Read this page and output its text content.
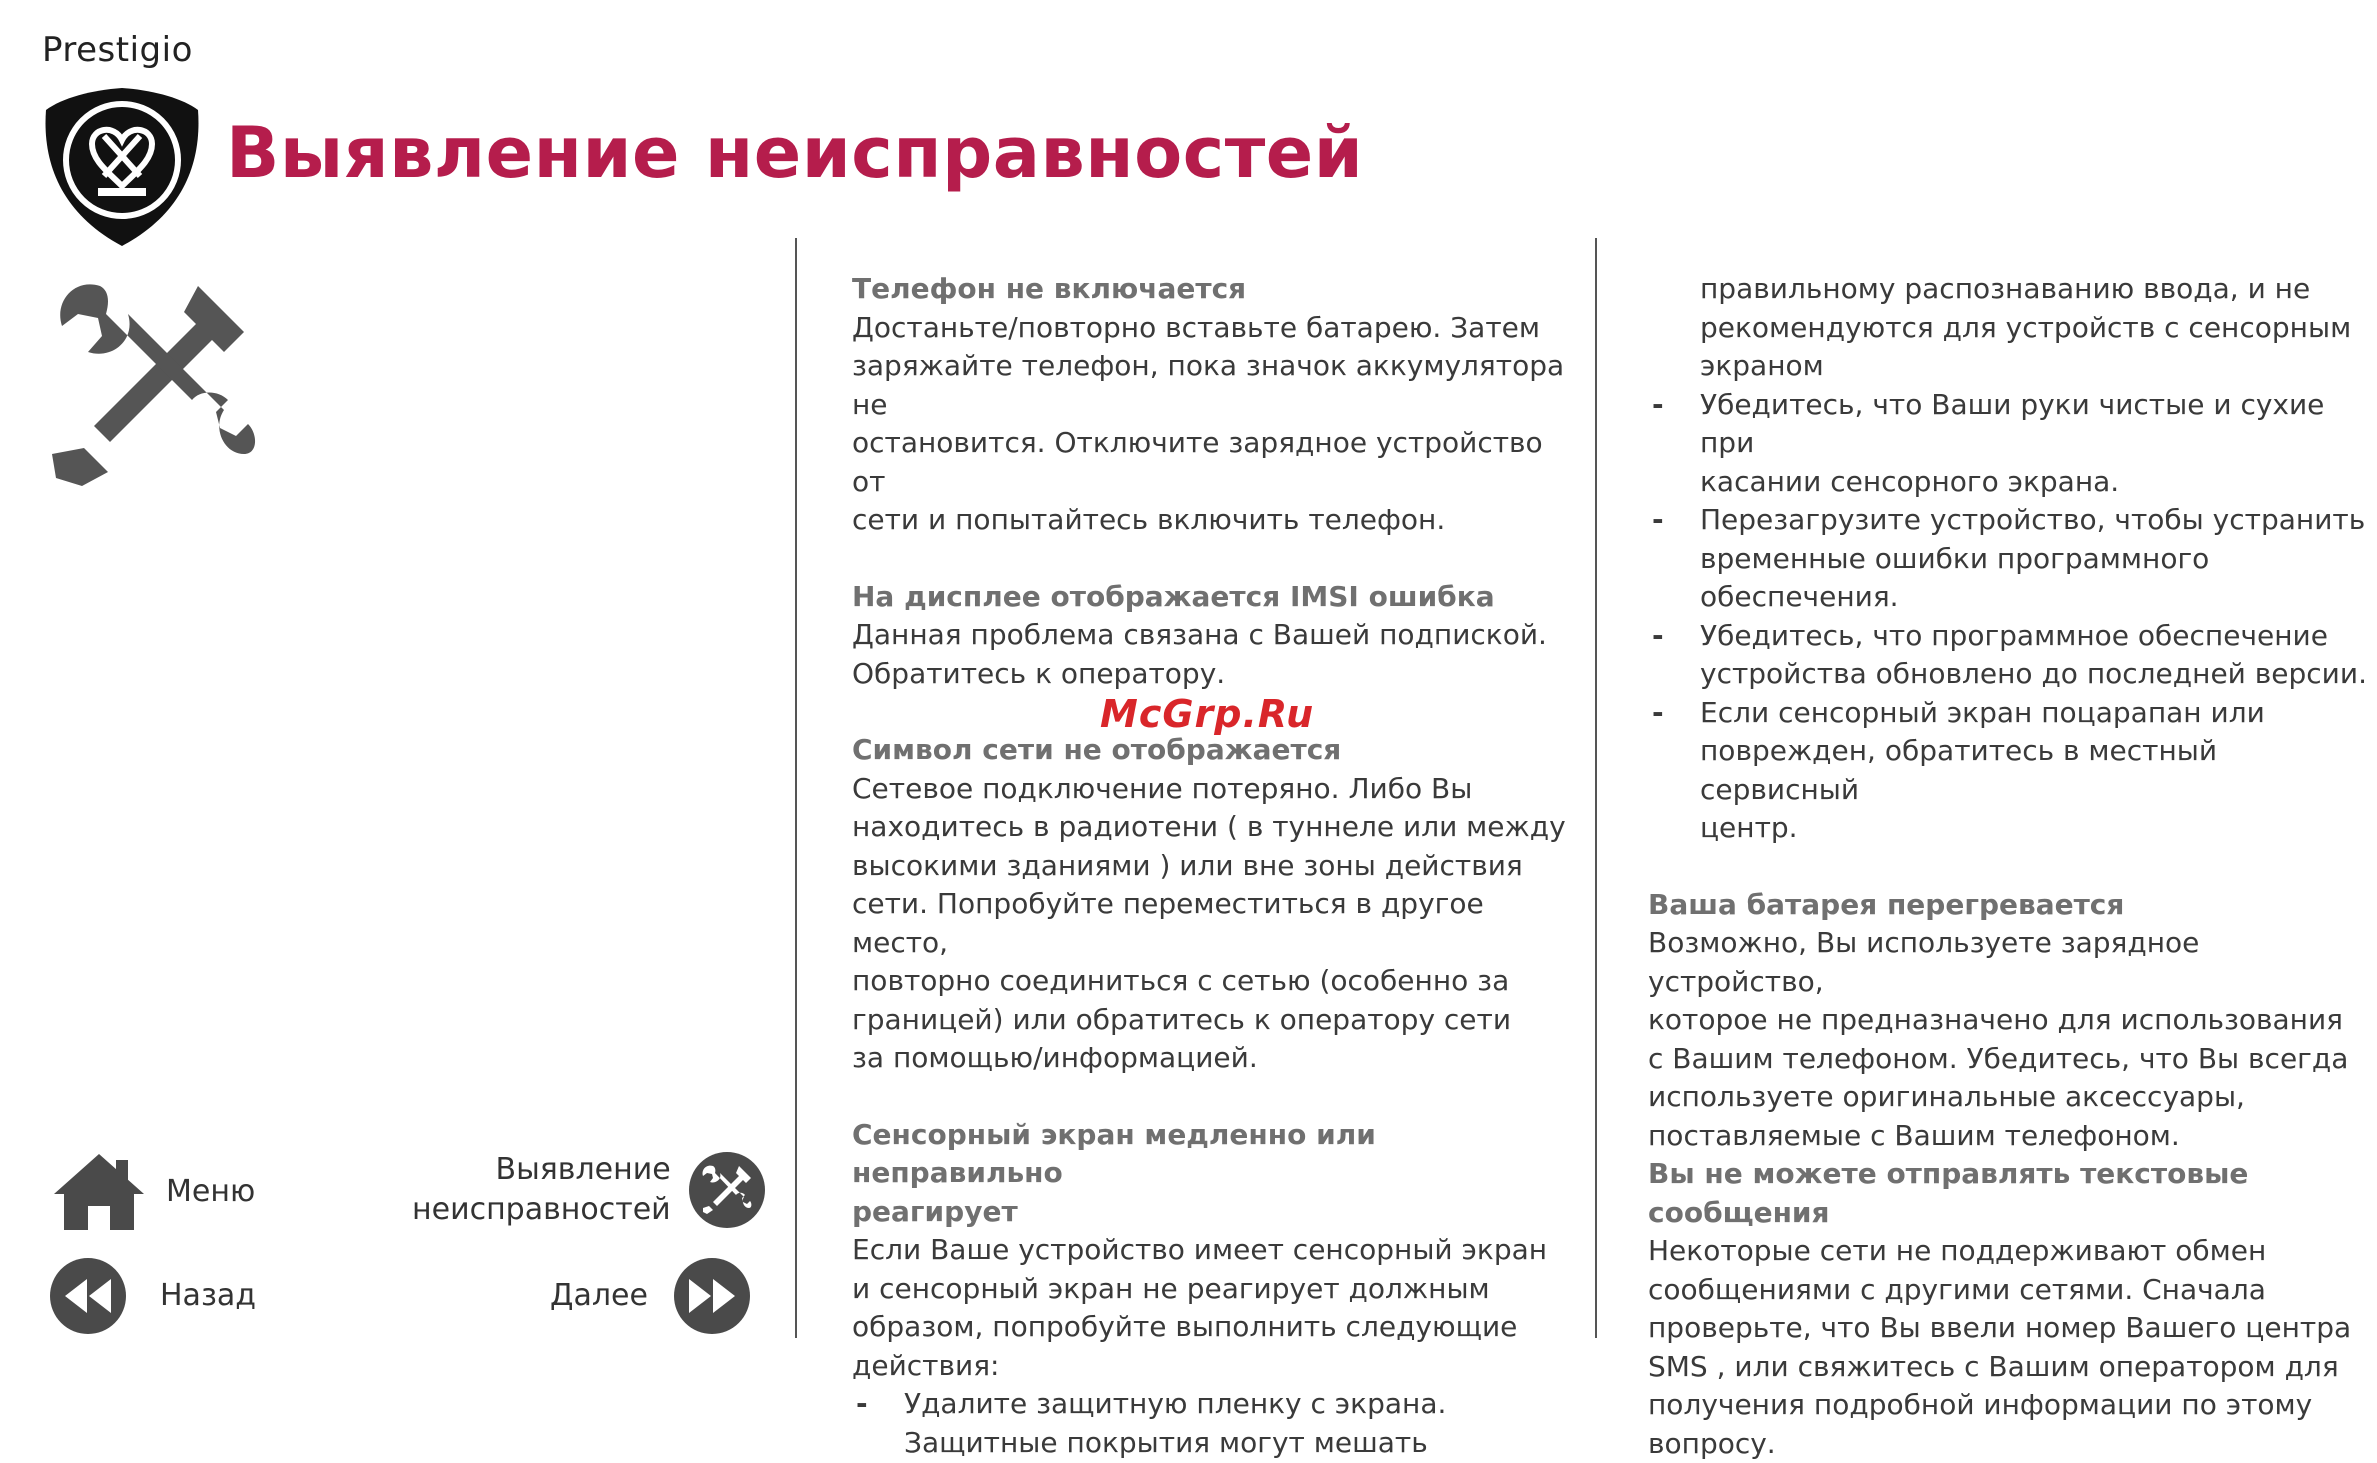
Prestigio
Выявление неисправностей
McGrp.Ru

Телефон не включается

Достаньте/повторно вставьте батарею. Затем

заряжайте телефон, пока значок аккумулятора не

остановится. Отключите зарядное устройство от

сети и попытайтесь включить телефон.

На дисплее отображается IMSI ошибка

Данная проблема связана с Вашей подпиской.

Обратитесь к оператору.

Символ сети не отображается

Сетевое подключение потеряно. Либо Вы

находитесь в радиотени ( в туннеле или между

высокими зданиями ) или вне зоны действия

сети. Попробуйте переместиться в другое место,

повторно соединиться с сетью (особенно за

границей) или обратитесь к оператору сети

за помощью/информацией.

Сенсорный экран медленно или неправильно

реагирует

Если Ваше устройство имеет сенсорный экран

и сенсорный экран не реагирует должным

образом, попробуйте выполнить следующие

действия:

- Удалите защитную пленку с экрана.
Защитные покрытия могут мешать

правильному распознаванию ввода, и не

рекомендуются для устройств с сенсорным

экраном

- Убедитесь, что Ваши руки чистые и сухие при
касании сенсорного экрана.
- Перезагрузите устройство, чтобы устранить
временные ошибки программного
обеспечения.
- Убедитесь, что программное обеспечение
устройства обновлено до последней версии.
- Если сенсорный экран поцарапан или
поврежден, обратитесь в местный сервисный
центр.

Ваша батарея перегревается

Возможно, Вы используете зарядное устройство,

которое не предназначено для использования

с Вашим телефоном. Убедитесь, что Вы всегда

используете оригинальные аксессуары,

поставляемые с Вашим телефоном.

Вы не можете отправлять текстовые сообщения

Некоторые сети не поддерживают обмен

сообщениями с другими сетями. Сначала

проверьте, что Вы ввели номер Вашего центра

SMS , или свяжитесь с Вашим оператором для

получения подробной информации по этому

вопросу.

Меню
Назад
Выявление
неисправностей
Далее
